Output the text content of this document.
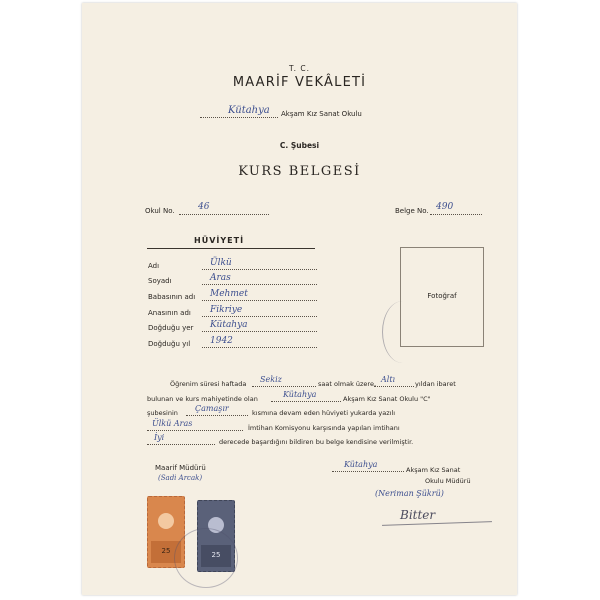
T. C.
MAARİF VEKÂLETİ
Kütahya Akşam Kız Sanat Okulu
C. Şubesi
KURS BELGESİ
Okul No.	46	Belge No. 490
HÜVİYETİ
Fotoğraf
Öğrenim süresi haftada Sekiz	saat olmak üzere, Altı	yıldan ibaret
bulunan ve kurs mahiyetinde olan	Kütahya	Akşam Kız Sanat Okulu "C"
şubesinin Çamaşır	kısmına devam eden hüviyeti yukarda yazılı
Ülkü Aras	İmtihan Komisyonu karşısında yapılan imtihanı
İyi	derecede başardığını bildiren bu belge kendisine verilmiştir.
Maarif Müdürü
(Sadi Arcak)
Kütahya
Akşam Kız Sanat
Okulu Müdürü
(Neriman Şükrü)
Bitter
25	25
Adı	Ülkü
Soyadı	Aras
Babasının adı Mehmet
Anasının adı Fikriye
Doğduğu yer Kütahya
Doğduğu yıl 1942
